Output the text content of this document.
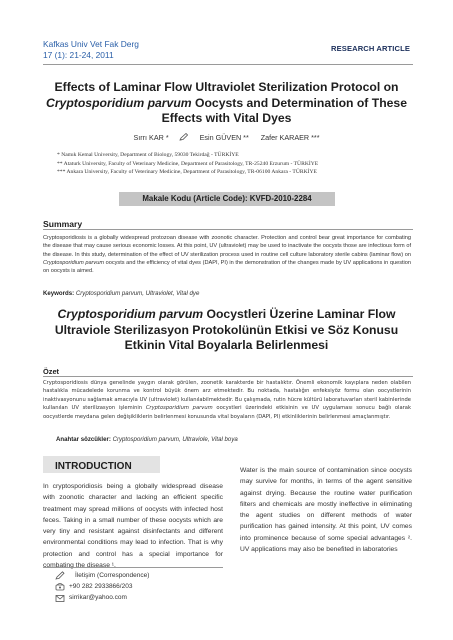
Kafkas Univ Vet Fak Derg
17 (1): 21-24, 2011
RESEARCH ARTICLE
Effects of Laminar Flow Ultraviolet Sterilization Protocol on
Cryptosporidium parvum Oocysts and Determination of These Effects with Vital Dyes
Sırrı KAR *	Esin GÜVEN ** Zafer KARAER ***
* Namık Kemal University, Department of Biology, 59030 Tekirdağ - TÜRKİYE
** Ataturk University, Faculty of Veterinary Medicine, Department of Parasitology, TR-25240 Erzurum - TÜRKİYE
*** Ankara University, Faculty of Veterinary Medicine, Department of Parasitology, TR-06100 Ankara - TÜRKİYE
Makale Kodu (Article Code): KVFD-2010-2284
Summary
Cryptosporidiosis is a globally widespread protozoan disease with zoonotic character. Protection and control bear great importance for combating the disease that may cause serious economic losses. At this point, UV (ultraviolet) may be used to inactivate the oocysts those are infectious form of the disease. In this study, determination of the effect of UV sterilization process used in routine cell culture laboratory sterile cabins (laminar flow) on Cryptosporidium parvum oocysts and the efficiency of vital dyes (DAPI, PI) in the demonstration of the changes made by UV applications in question on oocysts is aimed.
Keywords: Cryptosporidium parvum, Ultraviolet, Vital dye
Cryptosporidium parvum Oocystleri Üzerine Laminar Flow Ultraviole Sterilizasyon Protokolünün Etkisi ve Söz Konusu Etkinin Vital Boyalarla Belirlenmesi
Özet
Cryptosporidiosis dünya genelinde yaygın olarak görülen, zoonetik karakterde bir hastalıktır. Önemli ekonomik kayıplara neden olabilen hastalıkla mücadelede korunma ve kontrol büyük önem arz etmektedir. Bu noktada, hastalığın enfeksiyöz formu olan oocystlerinin inaktivasyonunu sağlamak amacıyla UV (ultraviolet) kullanılabilmektedir. Bu çalışmada, rutin hücre kültürü laboratuvarları steril kabinlerinde kullanılan UV sterilizasyon işleminin Cryptosporidium parvum oocystleri üzerindeki etkisinin ve UV uygulaması sonucu bağlı olarak oocystlerde meydana gelen değişikliklerin belirlenmesi konusunda vital boyaların (DAPI, PI) etkinliklerinin belirlenmesi amaçlanmıştır.
Anahtar sözcükler: Cryptosporidium parvum, Ultraviole, Vital boya
INTRODUCTION
In cryptosporidiosis being a globally widespread disease with zoonotic character and lacking an efficient specific treatment may spread millions of oocysts with infected host feces. Taking in a small number of these oocysts which are very tiny and resistant against disinfectants and different environmental conditions may lead to infection. That is why protection and control has a special importance for combating the disease ¹.
Water is the main source of contamination since oocysts may survive for months, in terms of the agent sensitive against drying. Because the routine water purification filters and chemicals are mostly ineffective in eliminating the agent studies on different methods of water purification has gained intensity. At this point, UV comes into prominence because of some special advantages ². UV applications may also be benefited in laboratories
İletişim (Correspondence)
+90 282 2933866/203
sirrikar@yahoo.com
